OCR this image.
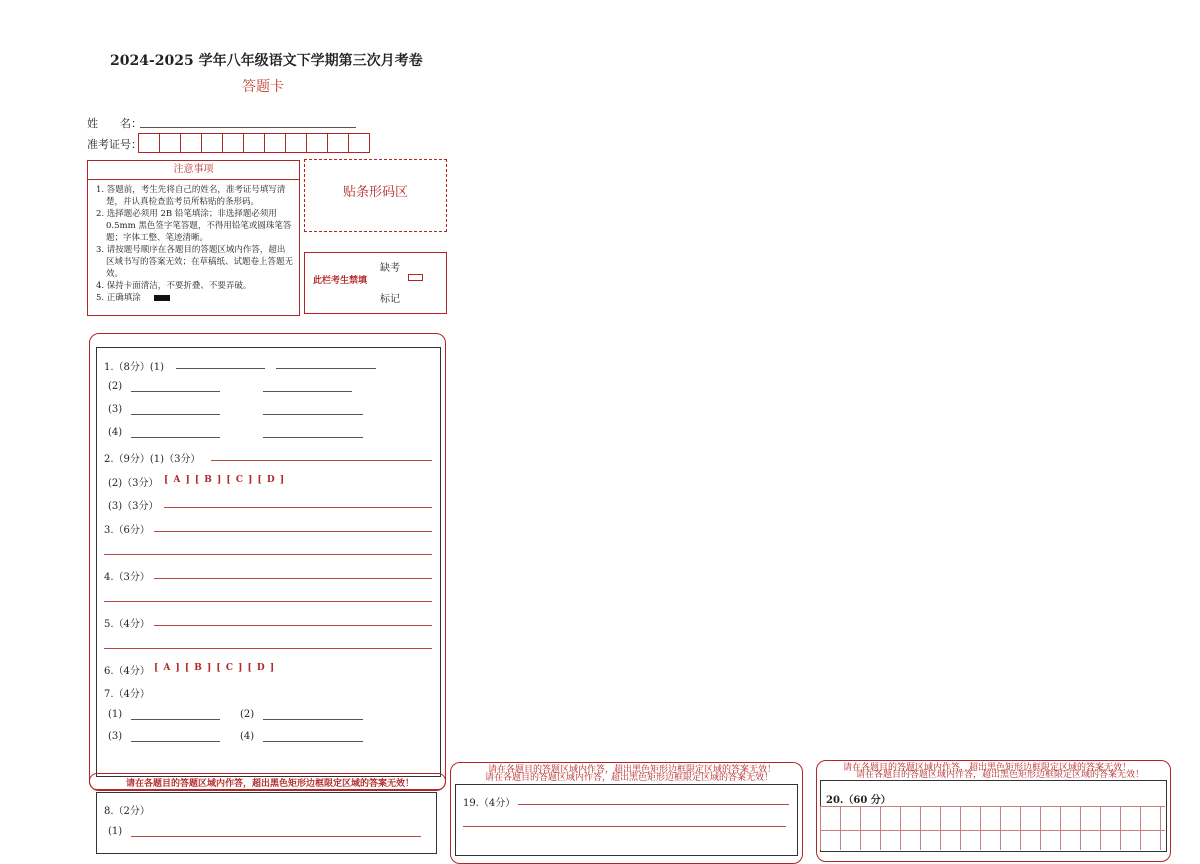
2024-2025 学年八年级语文下学期第三次月考卷
答题卡
姓　　名：
准考证号：
注意事项
1. 答题前，考生先将自己的姓名，准考证号填写清楚，并认真检查监考员所粘贴的条形码。
2. 选择题必须用 2B 铅笔填涂；非选择题必须用 0.5mm 黑色签字笔答题，不得用铅笔或圆珠笔答题；字体工整、笔迹清晰。
3. 请按题号顺序在各题目的答题区域内作答，超出区域书写的答案无效；在草稿纸、试题卷上答题无效。
4. 保持卡面清洁，不要折叠、不要弄破。
5. 正确填涂
贴条形码区
此栏考生禁填
缺考
标记
1.（8分）(1)
(2)
(3)
(4)
2.（9分）(1)（3分）
(2)（3分） [ A ] [ B ] [ C ] [ D ]
(3)（3分）
3.（6分）
4.（3分）
5.（4分）
6.（4分） [ A ] [ B ] [ C ] [ D ]
7.（4分）
(1)	(2)
(3)	(4)
请在各题目的答题区域内作答，超出黑色矩形边框限定区域的答案无效！
8.（2分）
(1)
请在各题目的答题区域内作答，超出黑色矩形边框限定区域的答案无效！
请在各题目的答题区域内作答，超出黑色矩形边框限定区域的答案无效！
19.（4分）
请在各题目的答题区域内作答，超出黑色矩形边框限定区域的答案无效！
请在各题目的答题区域内作答，超出黑色矩形边框限定区域的答案无效！
20.（60 分）
